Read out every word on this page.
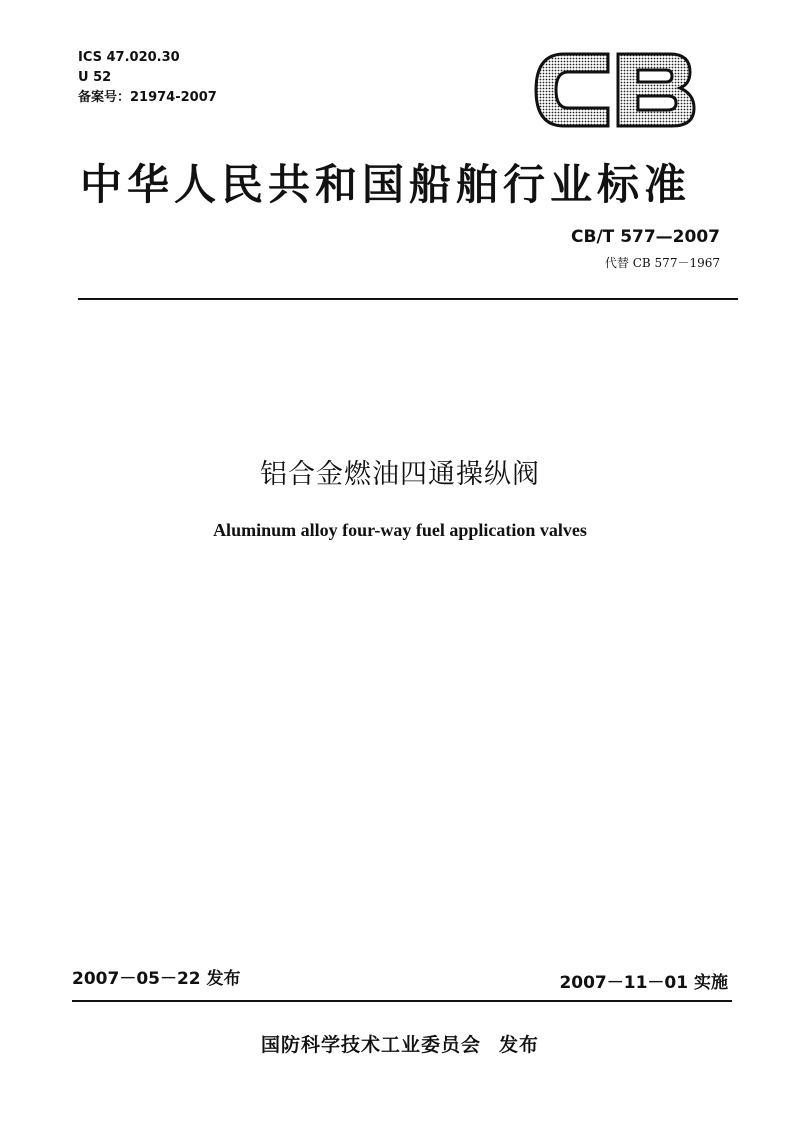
ICS 47.020.30
U 52
备案号：21974-2007
中华人民共和国船舶行业标准
CB/T 577—2007
代替 CB 577－1967
铝合金燃油四通操纵阀
Aluminum alloy four-way fuel application valves
2007－05－22 发布	2007－11－01 实施
国防科学技术工业委员会 发布
